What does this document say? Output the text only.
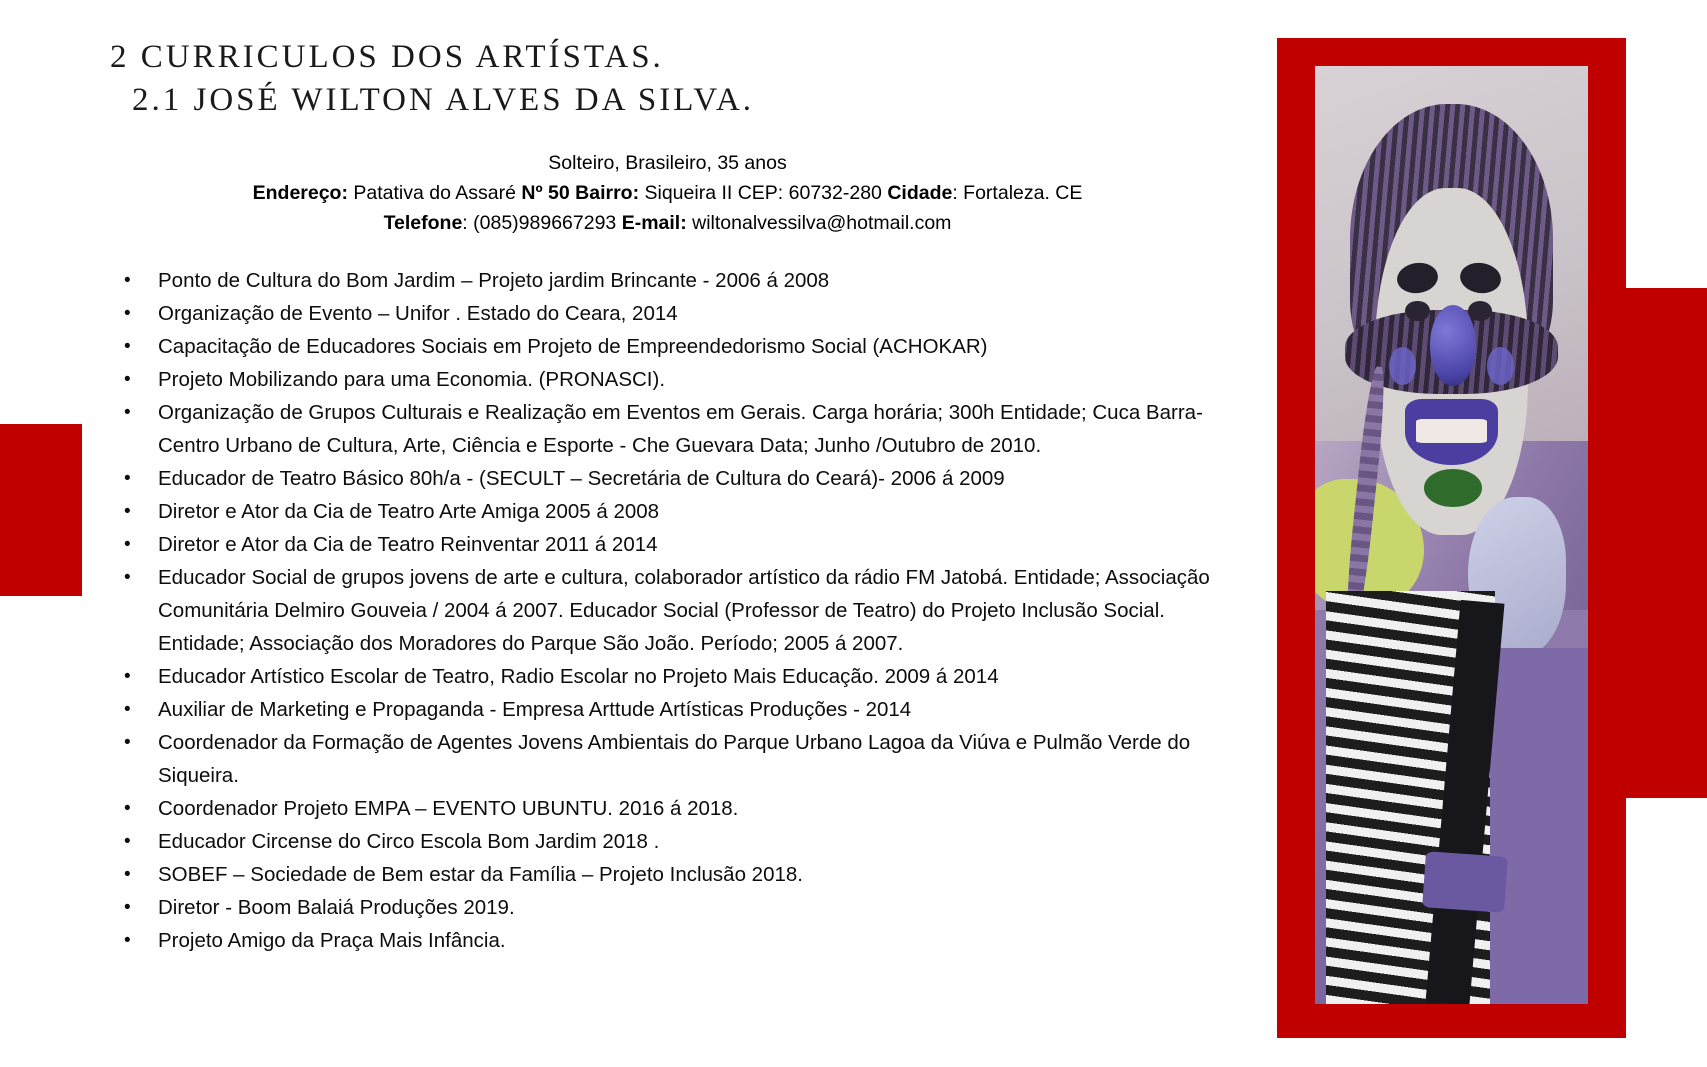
2 CURRICULOS DOS ARTÍSTAS.
2.1 JOSÉ WILTON ALVES DA SILVA.
Solteiro, Brasileiro, 35 anos
Endereço: Patativa do Assaré Nº 50 Bairro: Siqueira II CEP: 60732-280 Cidade: Fortaleza. CE
Telefone: (085)989667293 E-mail: wiltonalvessilva@hotmail.com
• Ponto de Cultura do Bom Jardim – Projeto jardim Brincante - 2006 á 2008
• Organização de Evento – Unifor . Estado do Ceara, 2014
• Capacitação de Educadores Sociais em Projeto de Empreendedorismo Social (ACHOKAR)
• Projeto Mobilizando para uma Economia. (PRONASCI).
• Organização de Grupos Culturais e Realização em Eventos em Gerais. Carga horária; 300h Entidade; Cuca Barra- Centro Urbano de Cultura, Arte, Ciência e Esporte - Che Guevara Data; Junho /Outubro de 2010.
• Educador de Teatro Básico 80h/a - (SECULT – Secretária de Cultura do Ceará)- 2006 á 2009
• Diretor e Ator da Cia de Teatro Arte Amiga 2005 á 2008
• Diretor e Ator da Cia de Teatro Reinventar 2011 á 2014
• Educador Social de grupos jovens de arte e cultura, colaborador artístico da rádio FM Jatobá. Entidade; Associação Comunitária Delmiro Gouveia / 2004 á 2007. Educador Social (Professor de Teatro) do Projeto Inclusão Social. Entidade; Associação dos Moradores do Parque São João. Período; 2005 á 2007.
• Educador Artístico Escolar de Teatro, Radio Escolar no Projeto Mais Educação. 2009 á 2014
• Auxiliar de Marketing e Propaganda - Empresa Arttude Artísticas Produções - 2014
• Coordenador da Formação de Agentes Jovens Ambientais do Parque Urbano Lagoa da Viúva e Pulmão Verde do Siqueira.
• Coordenador Projeto EMPA – EVENTO UBUNTU. 2016 á 2018.
• Educador Circense do Circo Escola Bom Jardim 2018 .
• SOBEF – Sociedade de Bem estar da Família – Projeto Inclusão 2018.
• Diretor - Boom Balaiá Produções 2019.
• Projeto Amigo da Praça Mais Infância.
